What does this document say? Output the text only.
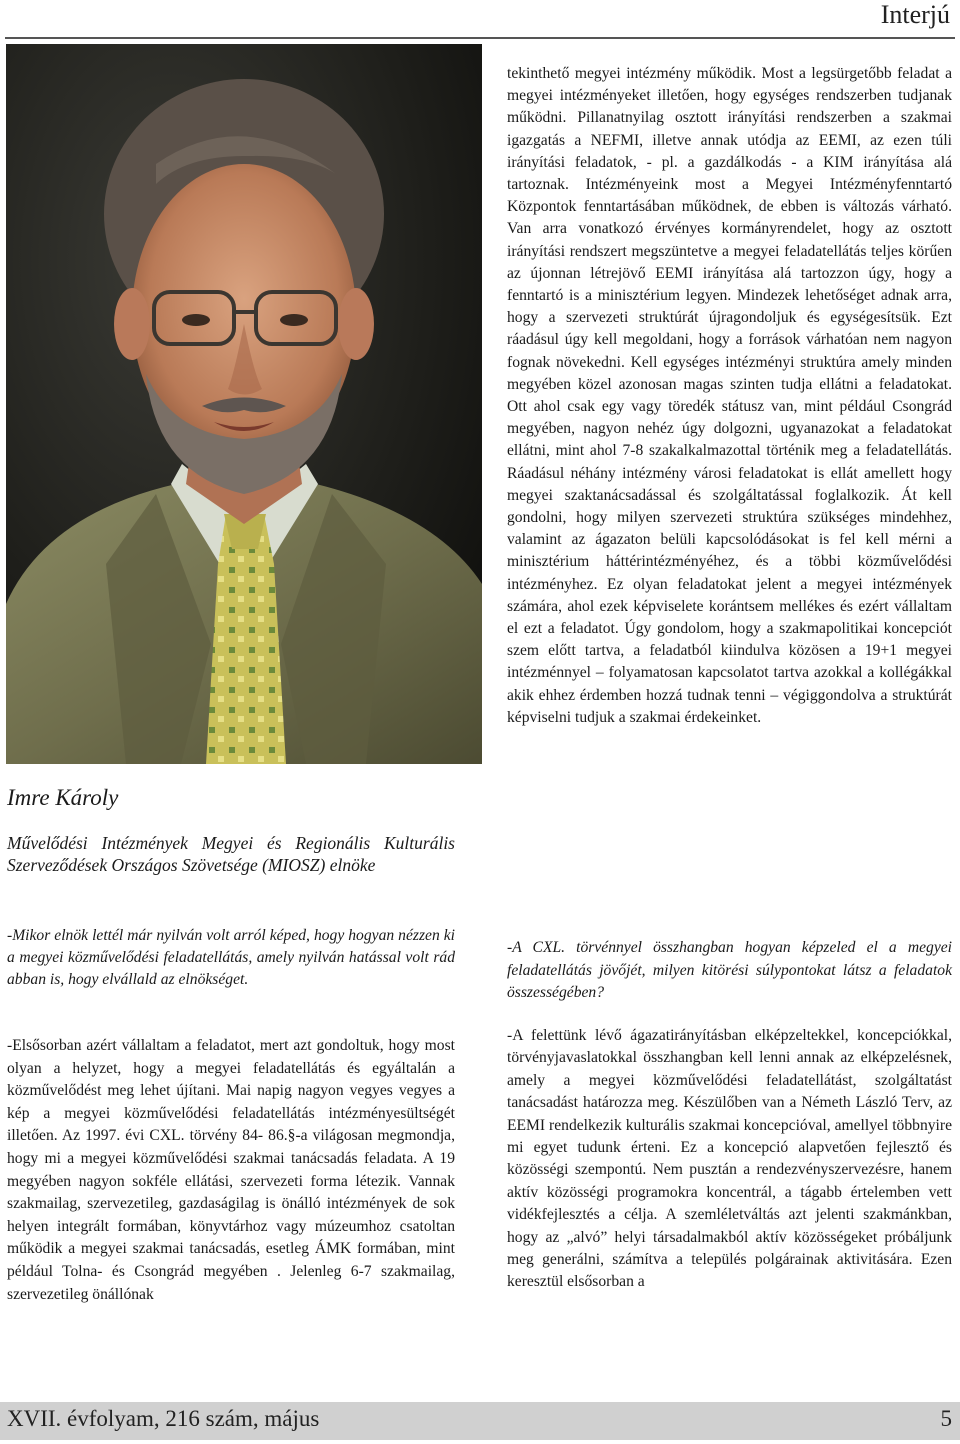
Interjú
Imre Károly
Művelődési Intézmények Megyei és Regionális Kulturális Szerveződések Országos Szövetsége (MIOSZ) elnöke
-Mikor elnök lettél már nyilván volt arról képed, hogy hogyan nézzen ki a megyei közművelődési feladatellátás, amely nyilván hatással volt rád abban is, hogy elvállald az elnökséget.
-Elsősorban azért vállaltam a feladatot, mert azt gondoltuk, hogy most olyan a helyzet, hogy a megyei feladatellátás és egyáltalán a közművelődést meg lehet újítani. Mai napig nagyon vegyes vegyes a kép a megyei közművelődési feladatellátás intézményesültségét illetően. Az 1997. évi CXL. törvény 84- 86.§-a világosan megmondja, hogy mi a megyei közművelődési szakmai tanácsadás feladata. A 19 megyében nagyon sokféle ellátási, szervezeti forma létezik. Vannak szakmailag, szervezetileg, gazdaságilag is önálló intézmények de sok helyen integrált formában, könyvtárhoz vagy múzeumhoz csatoltan működik a megyei szakmai tanácsadás, esetleg ÁMK formában, mint például Tolna- és Csongrád megyében . Jelenleg 6-7 szakmailag, szervezetileg önállónak
tekinthető megyei intézmény működik. Most a legsürgetőbb feladat a megyei intézményeket illetően, hogy egységes rendszerben tudjanak működni. Pillanatnyilag osztott irányítási rendszerben a szakmai igazgatás a NEFMI, illetve annak utódja az EEMI, az ezen túli irányítási feladatok, - pl. a gazdálkodás - a KIM irányítása alá tartoznak. Intézményeink most a Megyei Intézményfenntartó Központok fenntartásában működnek, de ebben is változás várható. Van arra vonatkozó érvényes kormányrendelet, hogy az osztott irányítási rendszert megszüntetve a megyei feladatellátás teljes körűen az újonnan létrejövő EEMI irányítása alá tartozzon úgy, hogy a fenntartó is a minisztérium legyen. Mindezek lehetőséget adnak arra, hogy a szervezeti struktúrát újragondoljuk és egységesítsük. Ezt ráadásul úgy kell megoldani, hogy a források várhatóan nem nagyon fognak növekedni. Kell egységes intézményi struktúra amely minden megyében közel azonosan magas szinten tudja ellátni a feladatokat. Ott ahol csak egy vagy töredék státusz van, mint például Csongrád megyében, nagyon nehéz úgy dolgozni, ugyanazokat a feladatokat ellátni, mint ahol 7-8 szakalkalmazottal történik meg a feladatellátás. Ráadásul néhány intézmény városi feladatokat is ellát amellett hogy megyei szaktanácsadással és szolgáltatással foglalkozik. Át kell gondolni, hogy milyen szervezeti struktúra szükséges mindehhez, valamint az ágazaton belüli kapcsolódásokat is fel kell mérni a minisztérium háttérintézményéhez, és a többi közművelődési intézményhez. Ez olyan feladatokat jelent a megyei intézmények számára, ahol ezek képviselete korántsem mellékes és ezért vállaltam el ezt a feladatot. Úgy gondolom, hogy a szakmapolitikai koncepciót szem előtt tartva, a feladatból kiindulva közösen a 19+1 megyei intézménnyel – folyamatosan kapcsolatot tartva azokkal a kollégákkal akik ehhez érdemben hozzá tudnak tenni – végiggondolva a struktúrát képviselni tudjuk a szakmai érdekeinket.
-A CXL. törvénnyel összhangban hogyan képzeled el a megyei feladatellátás jövőjét, milyen kitörési súlypontokat látsz a feladatok összességében?
-A felettünk lévő ágazatirányításban elképzeltekkel, koncepciókkal, törvényjavaslatokkal összhangban kell lenni annak az elképzelésnek, amely a megyei közművelődési feladatellátást, szolgáltatást tanácsadást határozza meg. Készülőben van a Németh László Terv, az EEMI rendelkezik kulturális szakmai koncepcióval, amellyel többnyire mi egyet tudunk érteni. Ez a koncepció alapvetően fejlesztő és közösségi szempontú. Nem pusztán a rendezvényszervezésre, hanem aktív közösségi programokra koncentrál, a tágabb értelemben vett vidékfejlesztés a célja. A szemléletváltás azt jelenti szakmánkban, hogy az „alvó” helyi társadalmakból aktív közösségeket próbáljunk meg generálni, számítva a település polgárainak aktivitására. Ezen keresztül elsősorban a
XVII. évfolyam, 216 szám, május	5
